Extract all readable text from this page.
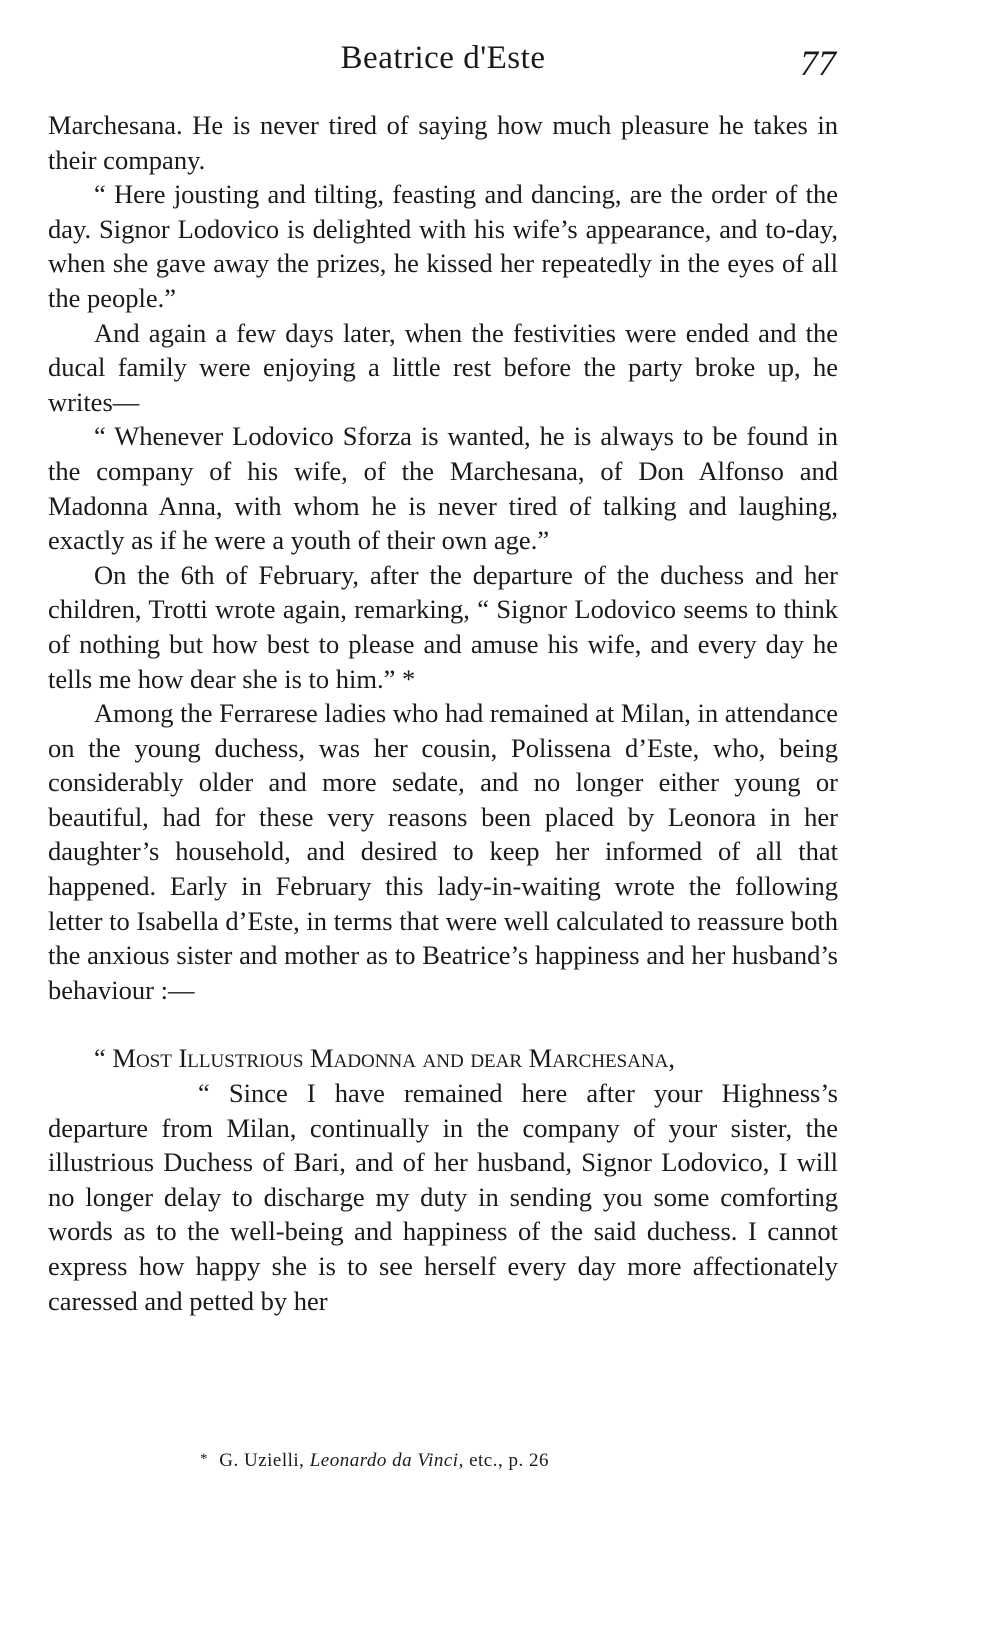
Beatrice d'Este	77

Marchesana. He is never tired of saying how much pleasure he takes in their company.

“ Here jousting and tilting, feasting and dancing, are the order of the day. Signor Lodovico is delighted with his wife’s appearance, and to-day, when she gave away the prizes, he kissed her repeatedly in the eyes of all the people.”

And again a few days later, when the festivities were ended and the ducal family were enjoying a little rest before the party broke up, he writes—

“ Whenever Lodovico Sforza is wanted, he is always to be found in the company of his wife, of the Marchesana, of Don Alfonso and Madonna Anna, with whom he is never tired of talking and laughing, exactly as if he were a youth of their own age.”

On the 6th of February, after the departure of the duchess and her children, Trotti wrote again, remarking, “ Signor Lodovico seems to think of nothing but how best to please and amuse his wife, and every day he tells me how dear she is to him.” *

Among the Ferrarese ladies who had remained at Milan, in attendance on the young duchess, was her cousin, Polissena d’Este, who, being considerably older and more sedate, and no longer either young or beautiful, had for these very reasons been placed by Leonora in her daughter’s household, and desired to keep her informed of all that happened. Early in February this lady-in-waiting wrote the following letter to Isabella d’Este, in terms that were well calculated to reassure both the anxious sister and mother as to Beatrice’s happiness and her husband’s behaviour :—

“ Most Illustrious Madonna and dear Marchesana,

“ Since I have remained here after your Highness’s departure from Milan, continually in the company of your sister, the illustrious Duchess of Bari, and of her husband, Signor Lodovico, I will no longer delay to discharge my duty in sending you some comforting words as to the well-being and happiness of the said duchess. I cannot express how happy she is to see herself every day more affectionately caressed and petted by her

* G. Uzielli, Leonardo da Vinci, etc., p. 26
